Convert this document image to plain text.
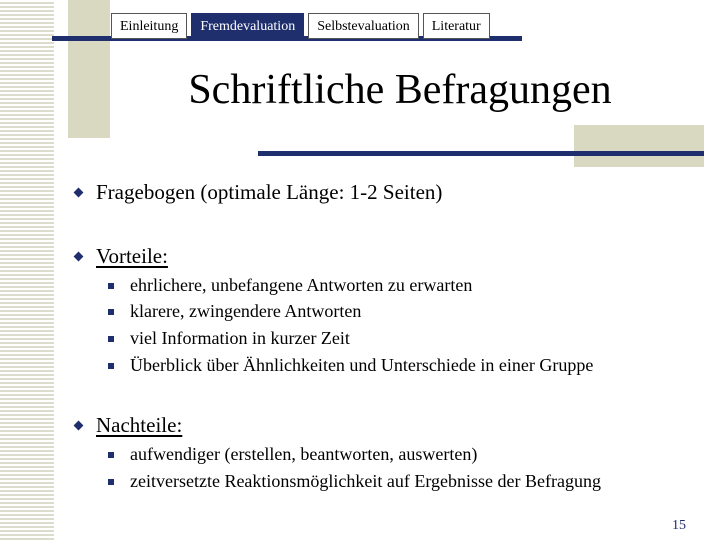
Einleitung	Fremdevaluation	Selbstevaluation	Literatur
Schriftliche Befragungen
Fragebogen (optimale Länge: 1-2 Seiten)
Vorteile:
ehrlichere, unbefangene Antworten zu erwarten
klarere, zwingendere Antworten
viel Information in kurzer Zeit
Überblick über Ähnlichkeiten und Unterschiede in einer Gruppe
Nachteile:
aufwendiger (erstellen, beantworten, auswerten)
zeitversetzte Reaktionsmöglichkeit auf Ergebnisse der Befragung
15
